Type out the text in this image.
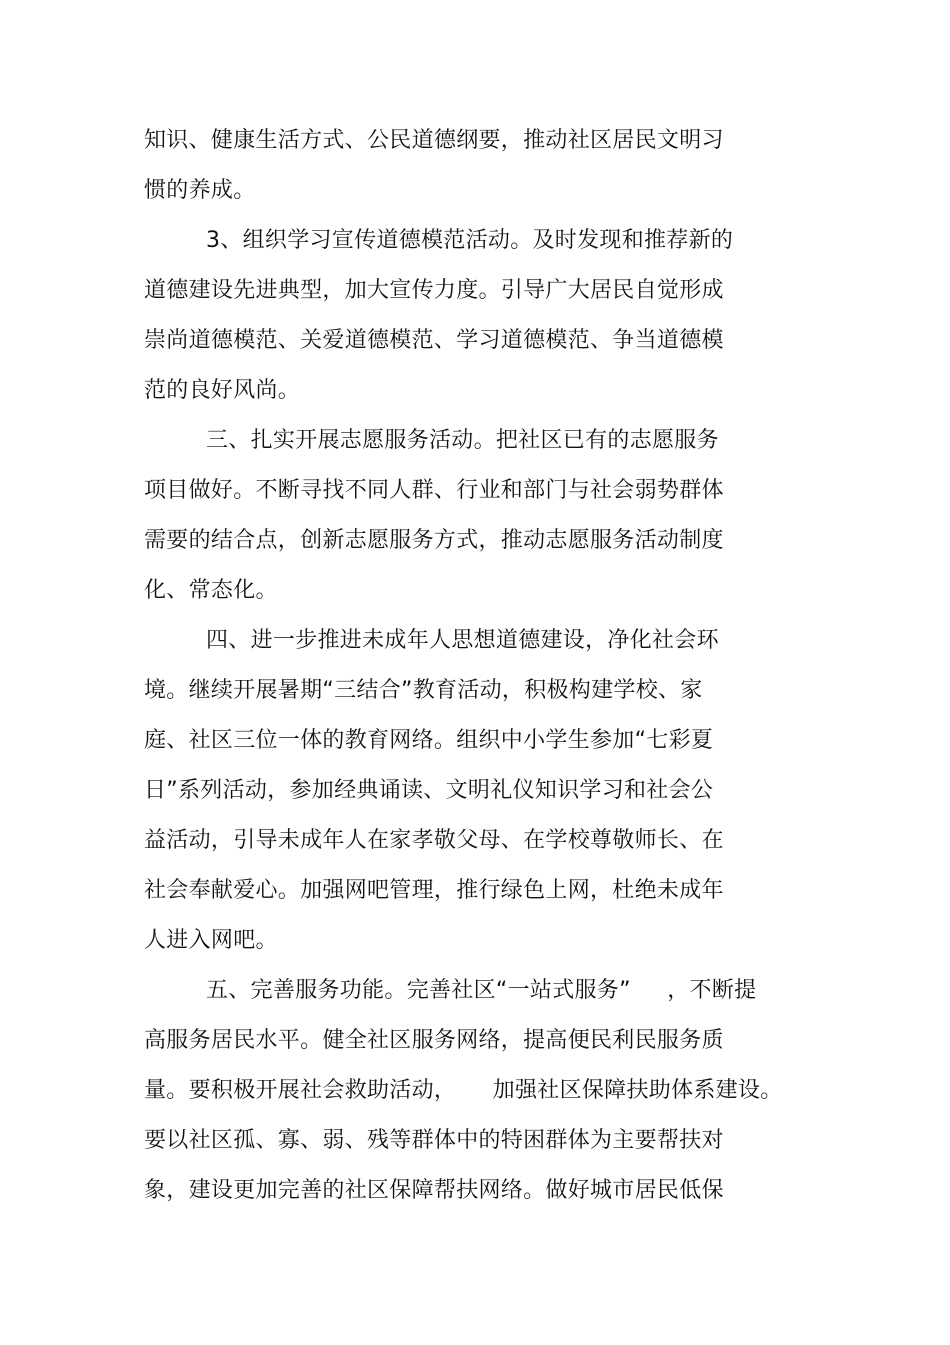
知识、健康生活方式、公民道德纲要，推动社区居民文明习
惯的养成。
3、组织学习宣传道德模范活动。及时发现和推荐新的
道德建设先进典型，加大宣传力度。引导广大居民自觉形成
崇尚道德模范、关爱道德模范、学习道德模范、争当道德模
范的良好风尚。
三、扎实开展志愿服务活动。把社区已有的志愿服务
项目做好。不断寻找不同人群、行业和部门与社会弱势群体
需要的结合点，创新志愿服务方式，推动志愿服务活动制度
化、常态化。
四、进一步推进未成年人思想道德建设，净化社会环
境。继续开展暑期“三结合”教育活动，积极构建学校、家
庭、社区三位一体的教育网络。组织中小学生参加“七彩夏
日”系列活动，参加经典诵读、文明礼仪知识学习和社会公
益活动，引导未成年人在家孝敬父母、在学校尊敬师长、在
社会奉献爱心。加强网吧管理，推行绿色上网，杜绝未成年
人进入网吧。
五、完善服务功能。完善社区“一站式服务”     ，不断提
高服务居民水平。健全社区服务网络，提高便民利民服务质
量。要积极开展社会救助活动，     加强社区保障扶助体系建设。
要以社区孤、寡、弱、残等群体中的特困群体为主要帮扶对
象，建设更加完善的社区保障帮扶网络。做好城市居民低保
